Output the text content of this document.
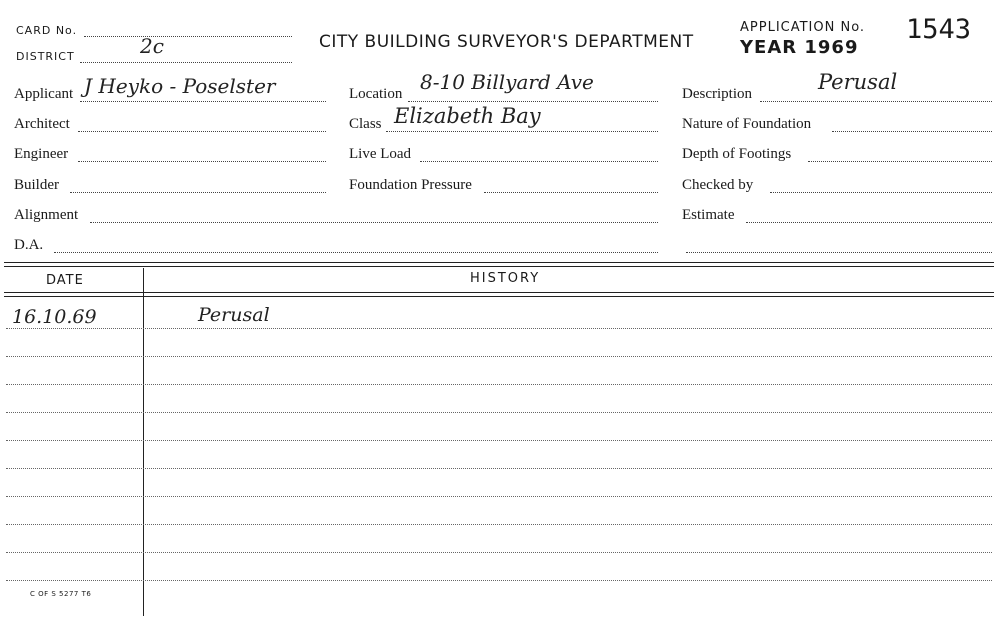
CARD No.
DISTRICT	2c	CITY BUILDING SURVEYOR'S DEPARTMENT
APPLICATION No. 1543
YEAR 1969
Applicant J Heyko - Poselster
Architect
Engineer
Builder
Alignment
D.A.
Location 8-10 Billyard Ave
Class Elizabeth Bay
Live Load
Foundation Pressure
Description	Perusal
Nature of Foundation
Depth of Footings
Checked by
Estimate
DATE	HISTORY
16.10.69	Perusal
C OF S 5277 T6
